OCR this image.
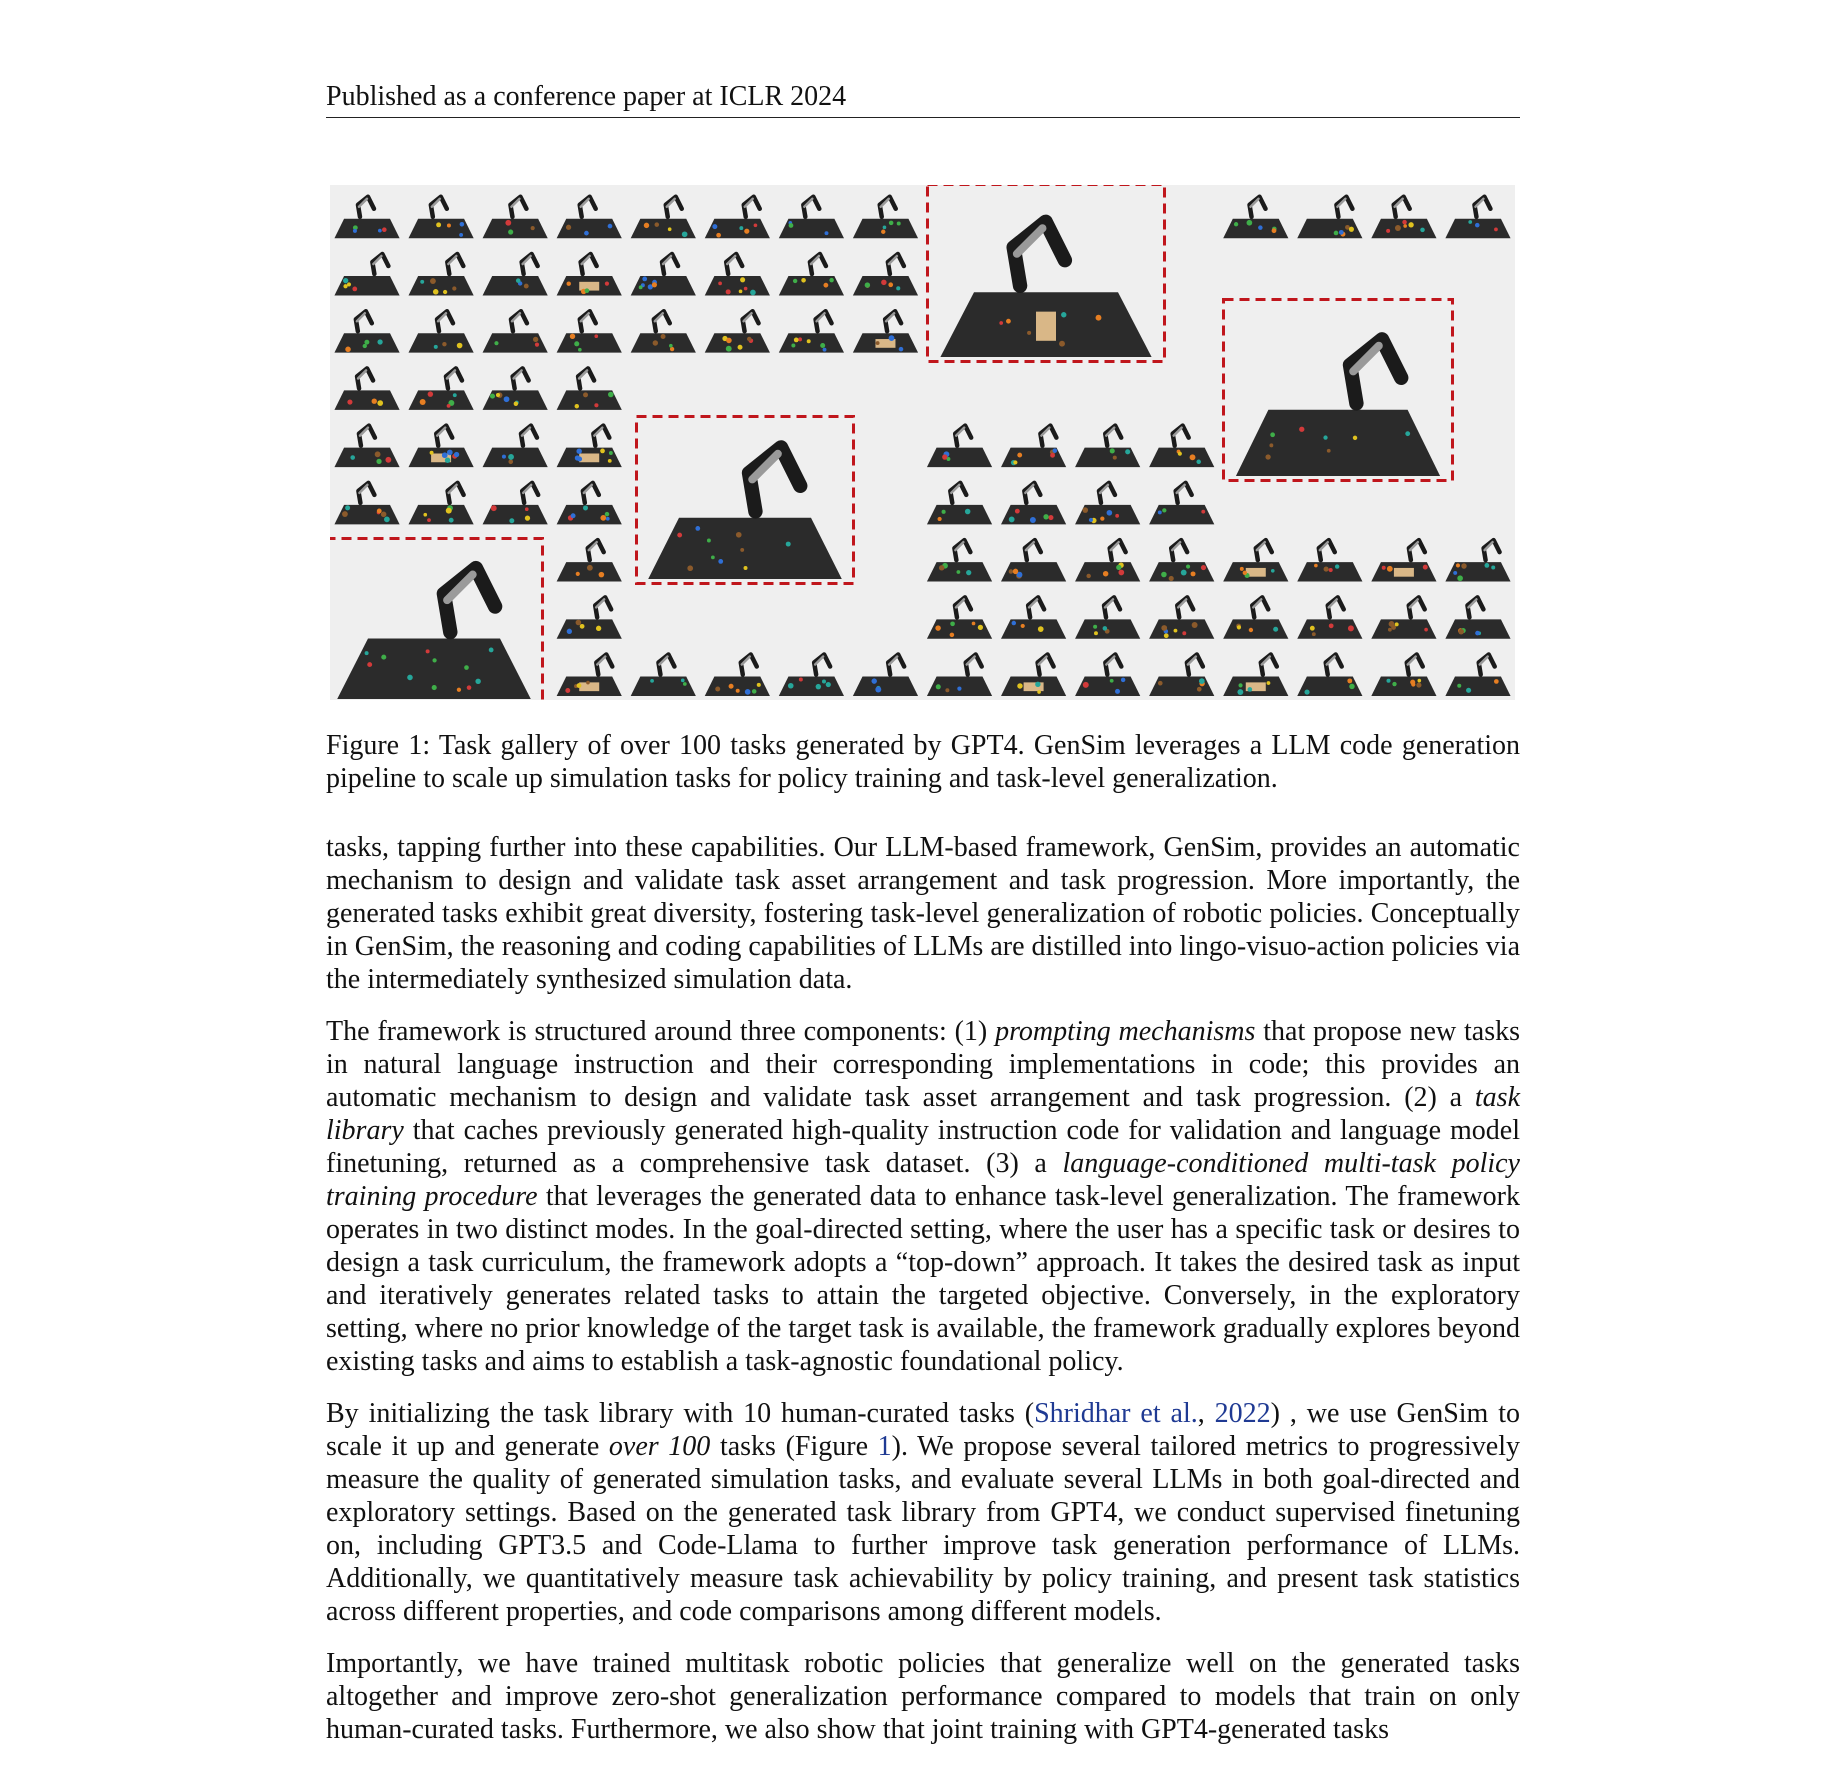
Published as a conference paper at ICLR 2024
Figure 1: Task gallery of over 100 tasks generated by GPT4. GenSim leverages a LLM code generation pipeline to scale up simulation tasks for policy training and task-level generalization.

tasks, tapping further into these capabilities. Our LLM-based framework, GenSim, provides an automatic mechanism to design and validate task asset arrangement and task progression. More importantly, the generated tasks exhibit great diversity, fostering task-level generalization of robotic policies. Conceptually in GenSim, the reasoning and coding capabilities of LLMs are distilled into lingo-visuo-action policies via the intermediately synthesized simulation data.

The framework is structured around three components: (1) prompting mechanisms that propose new tasks in natural language instruction and their corresponding implementations in code; this provides an automatic mechanism to design and validate task asset arrangement and task progression. (2) a task library that caches previously generated high-quality instruction code for validation and language model finetuning, returned as a comprehensive task dataset. (3) a language-conditioned multi-task policy training procedure that leverages the generated data to enhance task-level generalization. The framework operates in two distinct modes. In the goal-directed setting, where the user has a specific task or desires to design a task curriculum, the framework adopts a “top-down” approach. It takes the desired task as input and iteratively generates related tasks to attain the targeted objective. Conversely, in the exploratory setting, where no prior knowledge of the target task is available, the framework gradually explores beyond existing tasks and aims to establish a task-agnostic foundational policy.

By initializing the task library with 10 human-curated tasks (Shridhar et al., 2022) , we use GenSim to scale it up and generate over 100 tasks (Figure 1). We propose several tailored metrics to progressively measure the quality of generated simulation tasks, and evaluate several LLMs in both goal-directed and exploratory settings. Based on the generated task library from GPT4, we conduct supervised finetuning on, including GPT3.5 and Code-Llama to further improve task generation performance of LLMs. Additionally, we quantitatively measure task achievability by policy training, and present task statistics across different properties, and code comparisons among different models.

Importantly, we have trained multitask robotic policies that generalize well on the generated tasks altogether and improve zero-shot generalization performance compared to models that train on only human-curated tasks. Furthermore, we also show that joint training with GPT4-generated tasks
